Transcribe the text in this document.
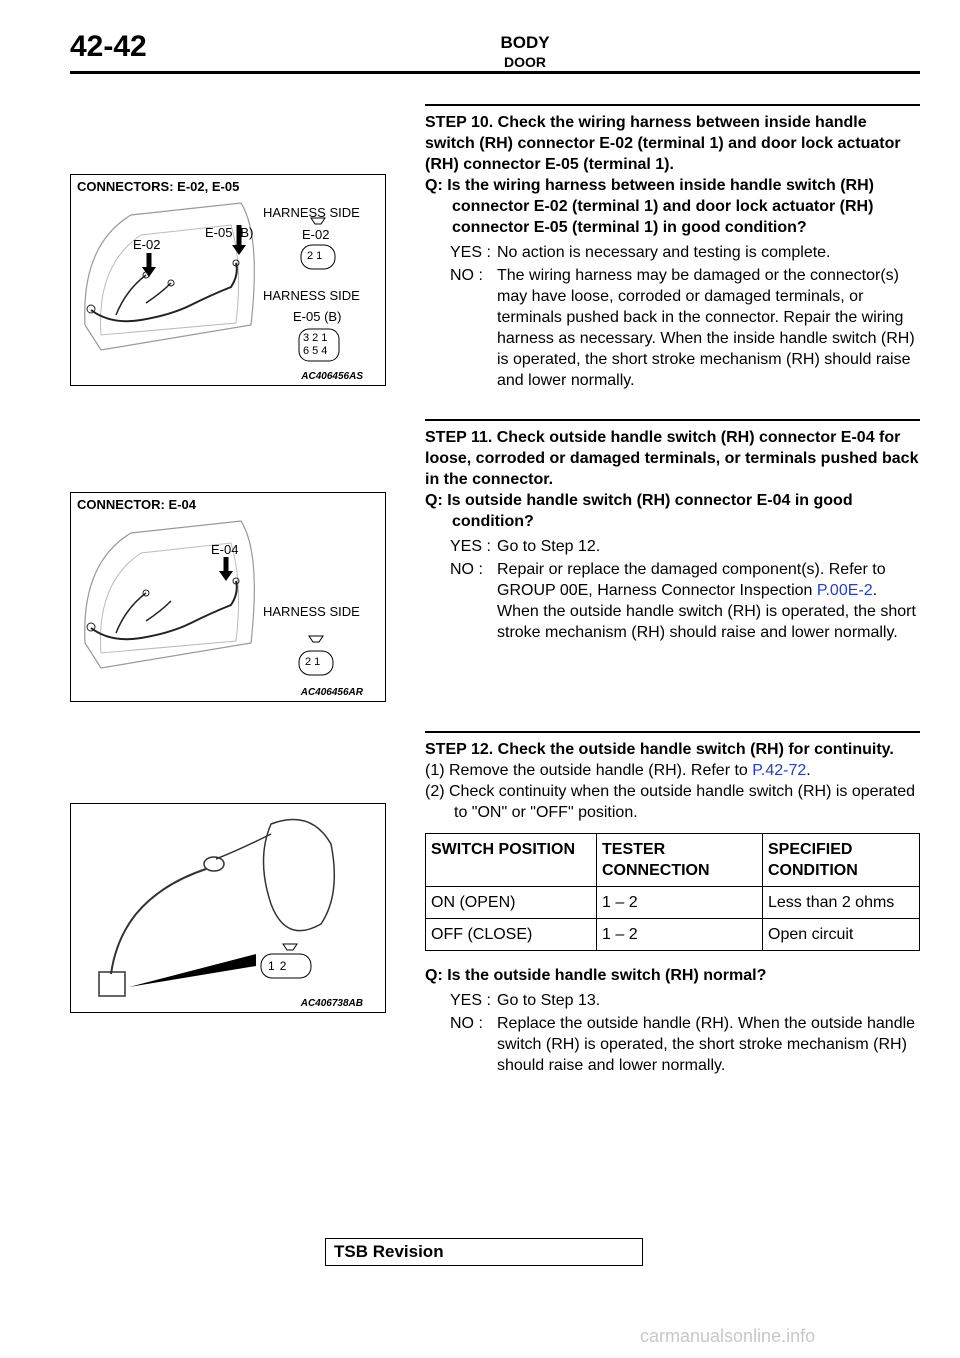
42-42	BODY
DOOR

STEP 10. Check the wiring harness between inside handle switch (RH) connector E-02 (terminal 1) and door lock actuator (RH) connector E-05 (terminal 1).

Q: Is the wiring harness between inside handle switch (RH) connector E-02 (terminal 1) and door lock actuator (RH) connector E-05 (terminal 1) in good condition?

YES : No action is necessary and testing is complete.
NO : The wiring harness may be damaged or the connector(s) may have loose, corroded or damaged terminals, or terminals pushed back in the connector. Repair the wiring harness as necessary. When the inside handle switch (RH) is operated, the short stroke mechanism (RH) should raise and lower normally.

STEP 11. Check outside handle switch (RH) connector E-04 for loose, corroded or damaged terminals, or terminals pushed back in the connector.

Q: Is outside handle switch (RH) connector E-04 in good condition?

YES : Go to Step 12.
NO : Repair or replace the damaged component(s). Refer to GROUP 00E, Harness Connector Inspection P.00E-2. When the outside handle switch (RH) is operated, the short stroke mechanism (RH) should raise and lower normally.

STEP 12. Check the outside handle switch (RH) for continuity.

(1) Remove the outside handle (RH). Refer to P.42-72.

(2) Check continuity when the outside handle switch (RH) is operated to "ON" or "OFF" position.

SWITCH POSITION	TESTER CONNECTION	SPECIFIED CONDITION
ON (OPEN)	1 – 2	Less than 2 ohms
OFF (CLOSE)	1 – 2	Open circuit

Q: Is the outside handle switch (RH) normal?

YES : Go to Step 13.
NO : Replace the outside handle (RH). When the outside handle switch (RH) is operated, the short stroke mechanism (RH) should raise and lower normally.
CONNECTORS: E-02, E-05
E-02
E-05 (B)
HARNESS SIDE
E-02
21
HARNESS SIDE
E-05 (B)
321
654
AC406456AS
CONNECTOR: E-04
E-04
HARNESS SIDE
21
AC406456AR
12
AC406738AB
TSB Revision
carmanualsonline.info
